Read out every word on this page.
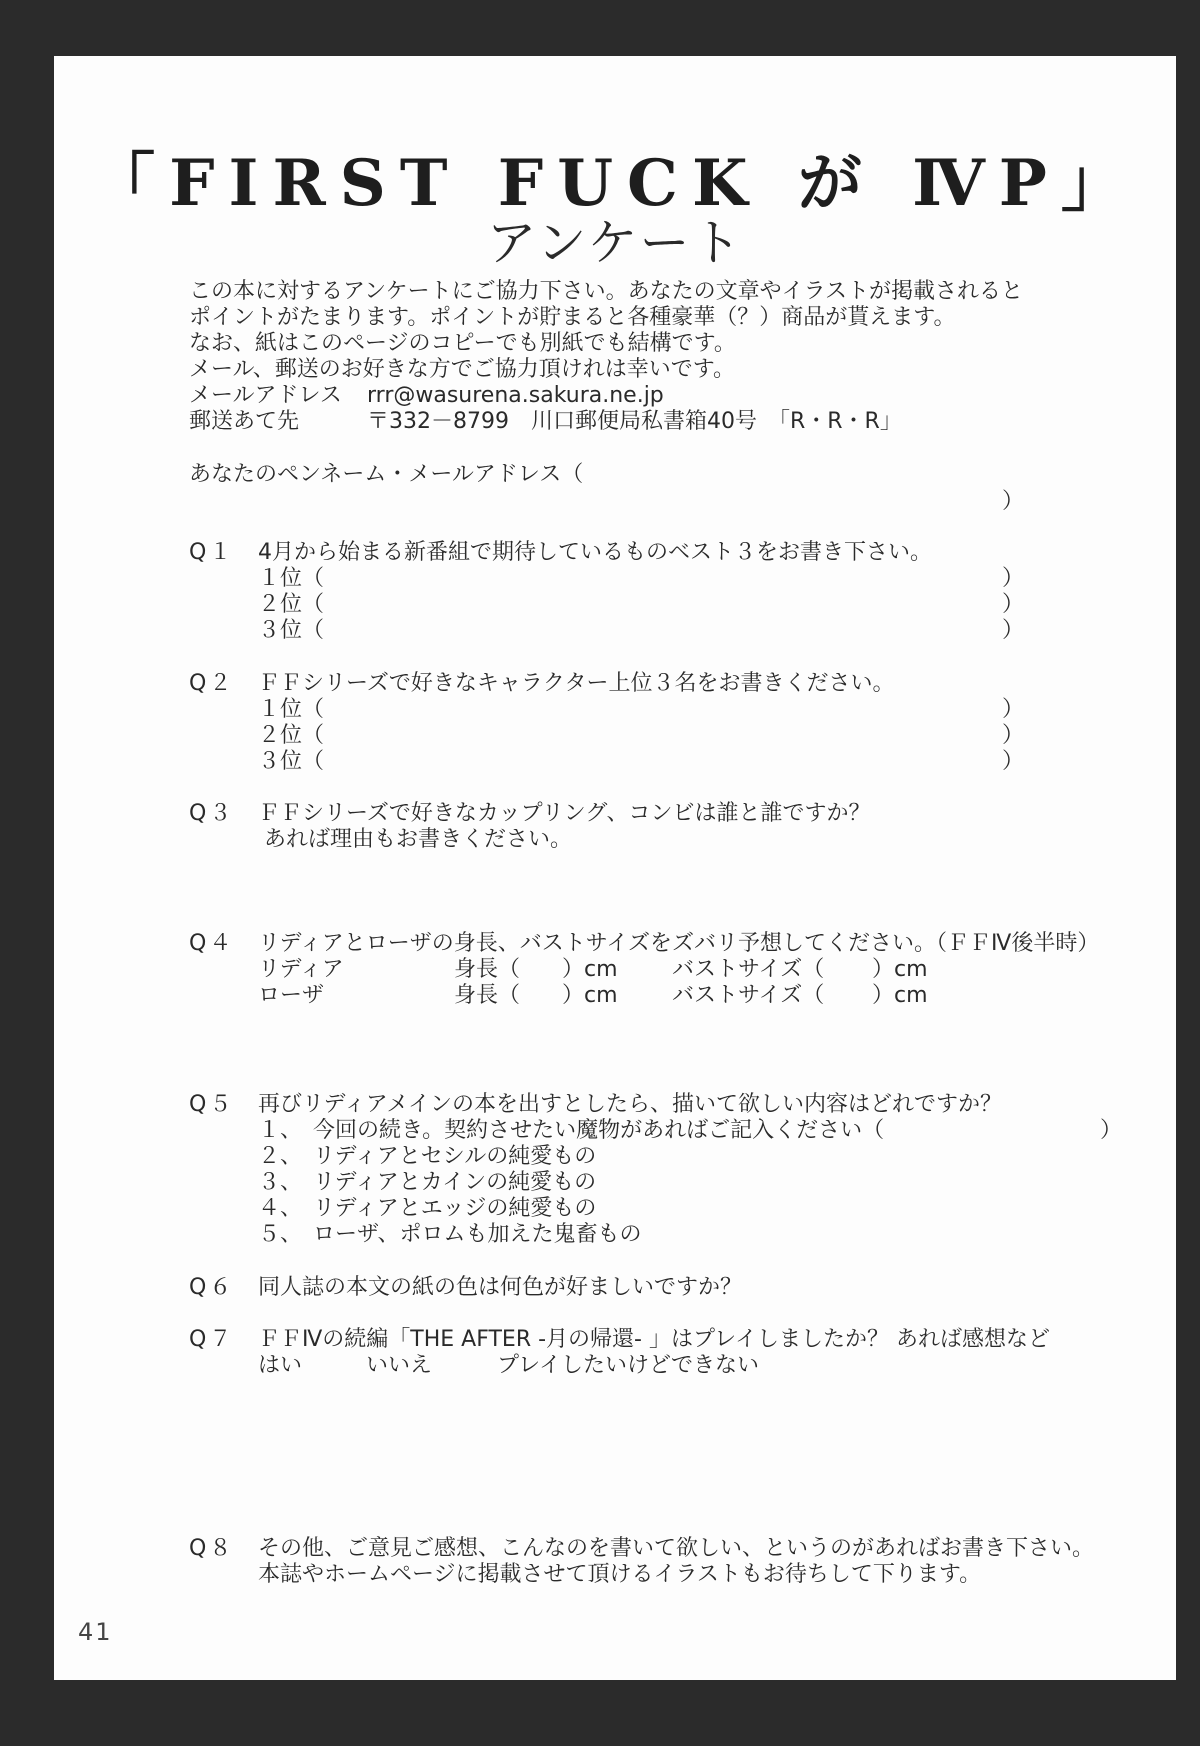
「FIRST FUCK が ⅣP」
アンケート
この本に対するアンケートにご協力下さい。あなたの文章やイラストが掲載されると
ポイントがたまります。ポイントが貯まると各種豪華（？）商品が貰えます。
なお、紙はこのページのコピーでも別紙でも結構です。
メール、郵送のお好きな方でご協力頂けれは幸いです。
メールアドレス rrr@wasurena.sakura.ne.jp
郵送あて先	〒332－8799　川口郵便局私書箱40号　「R・R・R」
あなたのペンネーム・メールアドレス（
）
Q１ 4月から始まる新番組で期待しているものベスト３をお書き下さい。
１位（	）
２位（	）
３位（	）
Q２ ＦＦシリーズで好きなキャラクター上位３名をお書きください。
１位（	）
２位（	）
３位（	）
Q３ ＦＦシリーズで好きなカップリング、コンビは誰と誰ですか？
あれば理由もお書きください。
Q４ リディアとローザの身長、バストサイズをズバリ予想してください。（ＦＦⅣ後半時）
リディア	身長（ ）cm バストサイズ（ ）cm
ローザ	身長（ ）cm バストサイズ（ ）cm
Q５ 再びリディアメインの本を出すとしたら、描いて欲しい内容はどれですか？
１、　今回の続き。契約させたい魔物があればご記入ください（	）
２、　リディアとセシルの純愛もの
３、　リディアとカインの純愛もの
４、　リディアとエッジの純愛もの
５、　ローザ、ポロムも加えた鬼畜もの
Q６ 同人誌の本文の紙の色は何色が好ましいですか？
Q７ ＦＦⅣの続編「THE AFTER -月の帰還- 」はプレイしましたか？ あれば感想など
はい	いいえ	プレイしたいけどできない
Q８ その他、ご意見ご感想、こんなのを書いて欲しい、というのがあればお書き下さい。
本誌やホームページに掲載させて頂けるイラストもお待ちして下ります。
41
